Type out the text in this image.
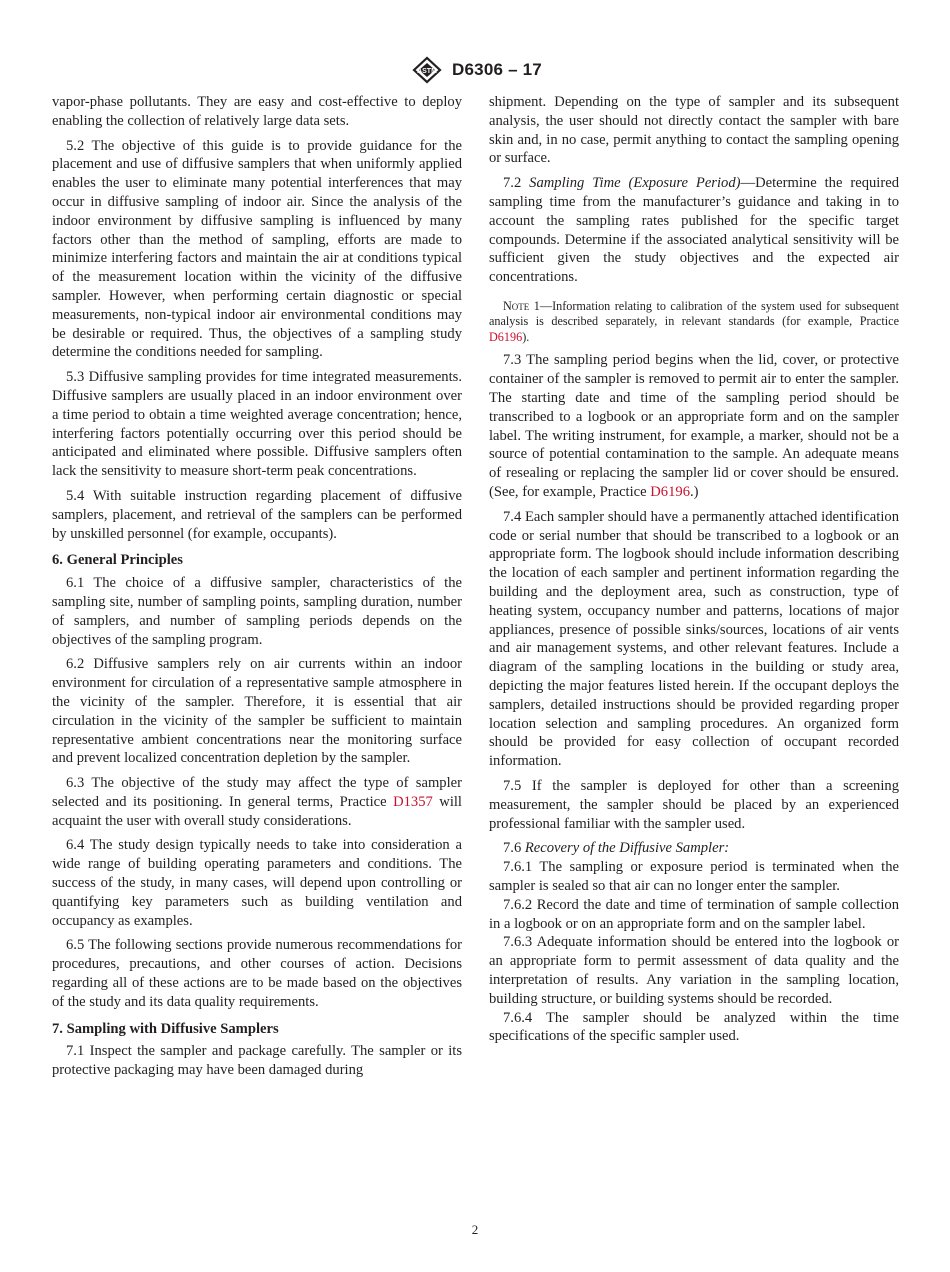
ASTM D6306 – 17

vapor-phase pollutants. They are easy and cost-effective to deploy enabling the collection of relatively large data sets.

5.2 The objective of this guide is to provide guidance for the placement and use of diffusive samplers that when uniformly applied enables the user to eliminate many potential interferences that may occur in diffusive sampling of indoor air. Since the analysis of the indoor environment by diffusive sampling is influenced by many factors other than the method of sampling, efforts are made to minimize interfering factors and maintain the air at conditions typical of the measurement location within the vicinity of the diffusive sampler. However, when performing certain diagnostic or special measurements, non-typical indoor air environmental conditions may be desirable or required. Thus, the objectives of a sampling study determine the conditions needed for sampling.

5.3 Diffusive sampling provides for time integrated measurements. Diffusive samplers are usually placed in an indoor environment over a time period to obtain a time weighted average concentration; hence, interfering factors potentially occurring over this period should be anticipated and eliminated where possible. Diffusive samplers often lack the sensitivity to measure short-term peak concentrations.

5.4 With suitable instruction regarding placement of diffusive samplers, placement, and retrieval of the samplers can be performed by unskilled personnel (for example, occupants).

6. General Principles

6.1 The choice of a diffusive sampler, characteristics of the sampling site, number of sampling points, sampling duration, number of samplers, and number of sampling periods depends on the objectives of the sampling program.

6.2 Diffusive samplers rely on air currents within an indoor environment for circulation of a representative sample atmosphere in the vicinity of the sampler. Therefore, it is essential that air circulation in the vicinity of the sampler be sufficient to maintain representative ambient concentrations near the monitoring surface and prevent localized concentration depletion by the sampler.

6.3 The objective of the study may affect the type of sampler selected and its positioning. In general terms, Practice D1357 will acquaint the user with overall study considerations.

6.4 The study design typically needs to take into consideration a wide range of building operating parameters and conditions. The success of the study, in many cases, will depend upon controlling or quantifying key parameters such as building ventilation and occupancy as examples.

6.5 The following sections provide numerous recommendations for procedures, precautions, and other courses of action. Decisions regarding all of these actions are to be made based on the objectives of the study and its data quality requirements.

7. Sampling with Diffusive Samplers

7.1 Inspect the sampler and package carefully. The sampler or its protective packaging may have been damaged during

shipment. Depending on the type of sampler and its subsequent analysis, the user should not directly contact the sampler with bare skin and, in no case, permit anything to contact the sampling opening or surface.

7.2 Sampling Time (Exposure Period)—Determine the required sampling time from the manufacturer’s guidance and taking in to account the sampling rates published for the specific target compounds. Determine if the associated analytical sensitivity will be sufficient given the study objectives and the expected air concentrations.

Note 1—Information relating to calibration of the system used for subsequent analysis is described separately, in relevant standards (for example, Practice D6196).

7.3 The sampling period begins when the lid, cover, or protective container of the sampler is removed to permit air to enter the sampler. The starting date and time of the sampling period should be transcribed to a logbook or an appropriate form and on the sampler label. The writing instrument, for example, a marker, should not be a source of potential contamination to the sample. An adequate means of resealing or replacing the sampler lid or cover should be ensured. (See, for example, Practice D6196.)

7.4 Each sampler should have a permanently attached identification code or serial number that should be transcribed to a logbook or an appropriate form. The logbook should include information describing the location of each sampler and pertinent information regarding the building and the deployment area, such as construction, type of heating system, occupancy number and patterns, locations of major appliances, presence of possible sinks/sources, locations of air vents and air management systems, and other relevant features. Include a diagram of the sampling locations in the building or study area, depicting the major features listed herein. If the occupant deploys the samplers, detailed instructions should be provided regarding proper location selection and sampling procedures. An organized form should be provided for easy collection of occupant recorded information.

7.5 If the sampler is deployed for other than a screening measurement, the sampler should be placed by an experienced professional familiar with the sampler used.

7.6 Recovery of the Diffusive Sampler:

7.6.1 The sampling or exposure period is terminated when the sampler is sealed so that air can no longer enter the sampler.

7.6.2 Record the date and time of termination of sample collection in a logbook or on an appropriate form and on the sampler label.

7.6.3 Adequate information should be entered into the logbook or an appropriate form to permit assessment of data quality and the interpretation of results. Any variation in the sampling location, building structure, or building systems should be recorded.

7.6.4 The sampler should be analyzed within the time specifications of the specific sampler used.

2
